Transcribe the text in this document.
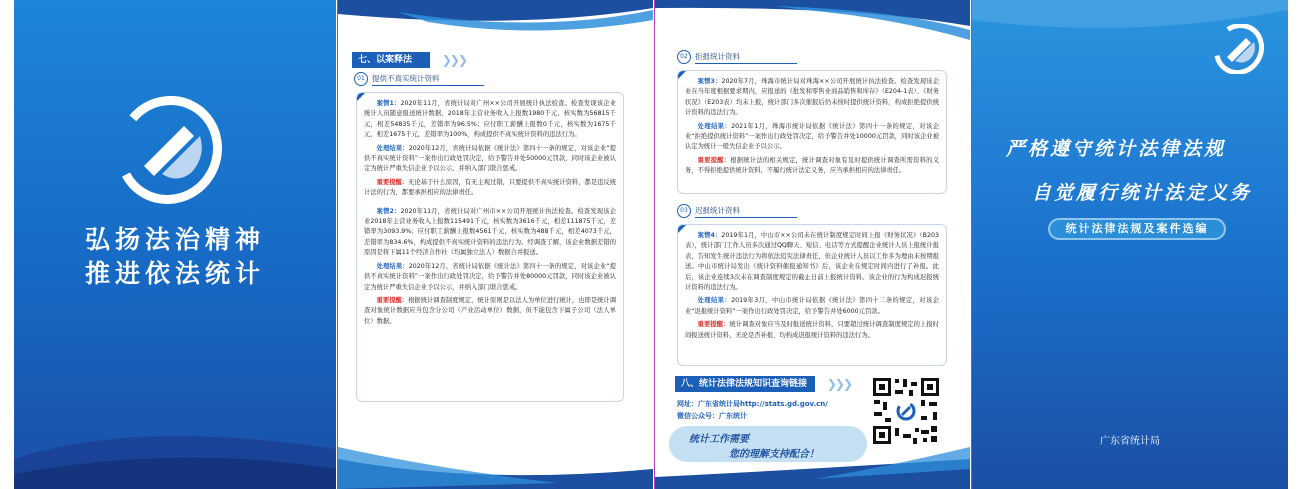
弘扬法治精神
推进依法统计
七、以案释法 ❯❯❯
01 提供不真实统计资料

案情1：2020年11月，省统计局对广州××公司开展统计执法检查。检查发现该企业统计人员随意报送统计数据，2018年主营业务收入上报数1980千元，核实数为56815千元，相差54835千元，差错率为96.5%；应付职工薪酬上报数0千元，核实数为1675千元，相差1675千元，差错率为100%，构成提供不真实统计资料的违法行为。

处理结果：2020年12月，省统计局依据《统计法》第四十一条的规定，对该企业“提供不真实统计资料”一案作出行政处罚决定，给予警告并处50000元罚款，同时该企业被认定为统计严重失信企业予以公示，并纳入部门联合惩戒。

重要提醒：无论基于什么原因，有无主观过错，只要提供不真实统计资料，都是违反统计法的行为，都要承担相应的法律责任。

案情2：2020年11月，省统计局对广州市××公司开展统计执法检查。检查发现该企业2018年主营业务收入上报数115491千元，核实数为3616千元，相差111875千元，差错率为3093.9%；应付职工薪酬上报数4561千元，核实数为488千元，相差4073千元，差错率为834.6%，构成提供不真实统计资料的违法行为。经调查了解，该企业数据差错的原因是将下属11个经济合作社（均属独立法人）数据合并报送。

处理结果：2020年12月，省统计局依据《统计法》第四十一条的规定，对该企业“提供不真实统计资料”一案作出行政处罚决定，给予警告并处80000元罚款，同时该企业被认定为统计严重失信企业予以公示，并纳入部门联合惩戒。

重要提醒：根据统计调查制度规定，统计原则是以法人为单位进行统计，也即是统计调查对象统计数据应当包含分公司（产业活动单位）数据，但不能包含下属子公司（法人单位）数据。

02 拒报统计资料

案情3：2020年7月，珠海市统计局对珠海××公司开展统计执法检查。检查发现该企业在当年度根据要求期内，应报送的《批发和零售业商品销售和库存》（E204-1表）、《财务状况》（E203表）均未上报，统计部门多次催报后仍未按时提供统计资料，构成拒绝提供统计资料的违法行为。

处理结果：2021年1月，珠海市统计局依据《统计法》第四十一条的规定，对该企业“拒绝提供统计资料”一案作出行政处罚决定，给予警告并处10000元罚款，同时该企业被认定为统计一般失信企业予以公示。

重要提醒：根据统计法的相关规定，统计调查对象有及时提供统计调查所需资料的义务，不得拒绝提供统计资料，不履行统计法定义务，应当承担相应的法律责任。

03 迟报统计资料

案情4：2019年1月，中山市××公司未在统计制度规定时间上报《财务状况》（B203表），统计部门工作人员多次通过QQ聊天、短信、电话等方式提醒企业统计人员上报统计报表，告知发生统计违法行为将依法追究法律责任，但企业统计人员以工作多为理由未按期报送。中山市统计局发出《统计资料催报通知书》后，该企业在规定时间内进行了补报。此后，该企业连续3次未在调查制度规定的截止日前上报统计资料。该企业的行为构成迟报统计资料的违法行为。

处理结果：2019年3月，中山市统计局依据《统计法》第四十二条的规定，对该企业“迟报统计资料”一案作出行政处罚决定，给予警告并处6000元罚款。

重要提醒：统计调查对象应当及时报送统计资料，只要超过统计调查制度规定的上报时间报送统计资料，无论是否补报，均构成迟报统计资料的违法行为。

八、统计法律法规知识查询链接 ❯❯❯
网址：广东省统计局http://stats.gd.gov.cn/
微信公众号：广东统计
统计工作需要
您的理解支持配合！
严格遵守统计法律法规
自觉履行统计法定义务
统计法律法规及案件选编
广东省统计局
